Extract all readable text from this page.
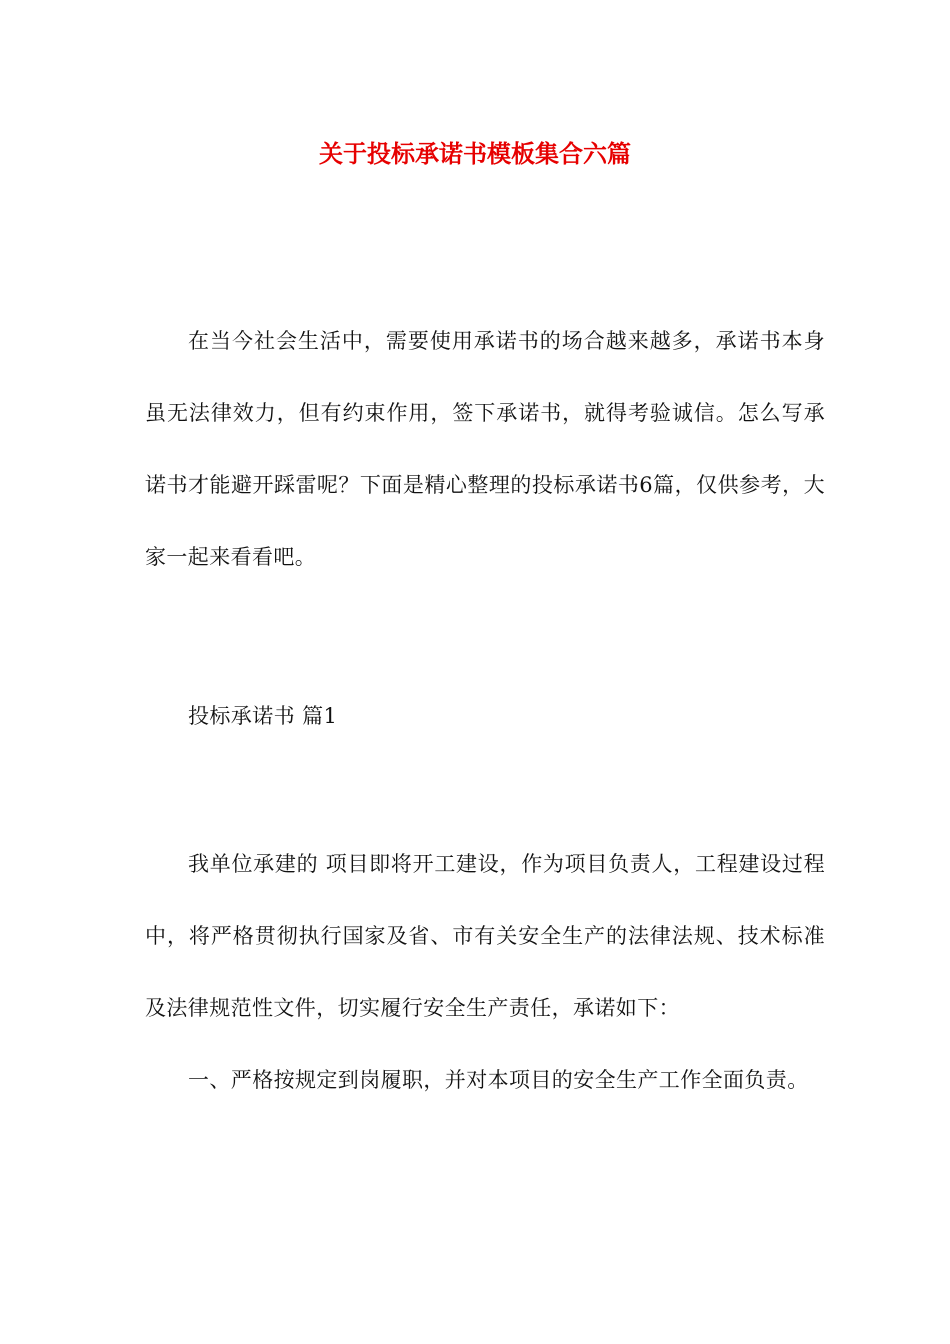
关于投标承诺书模板集合六篇

在当今社会生活中，需要使用承诺书的场合越来越多，承诺书本身虽无法律效力，但有约束作用，签下承诺书，就得考验诚信。怎么写承诺书才能避开踩雷呢？下面是精心整理的投标承诺书6篇，仅供参考，大家一起来看看吧。

投标承诺书 篇1

我单位承建的 项目即将开工建设，作为项目负责人，工程建设过程中，将严格贯彻执行国家及省、市有关安全生产的法律法规、技术标准及法律规范性文件，切实履行安全生产责任，承诺如下：

一、严格按规定到岗履职，并对本项目的安全生产工作全面负责。
